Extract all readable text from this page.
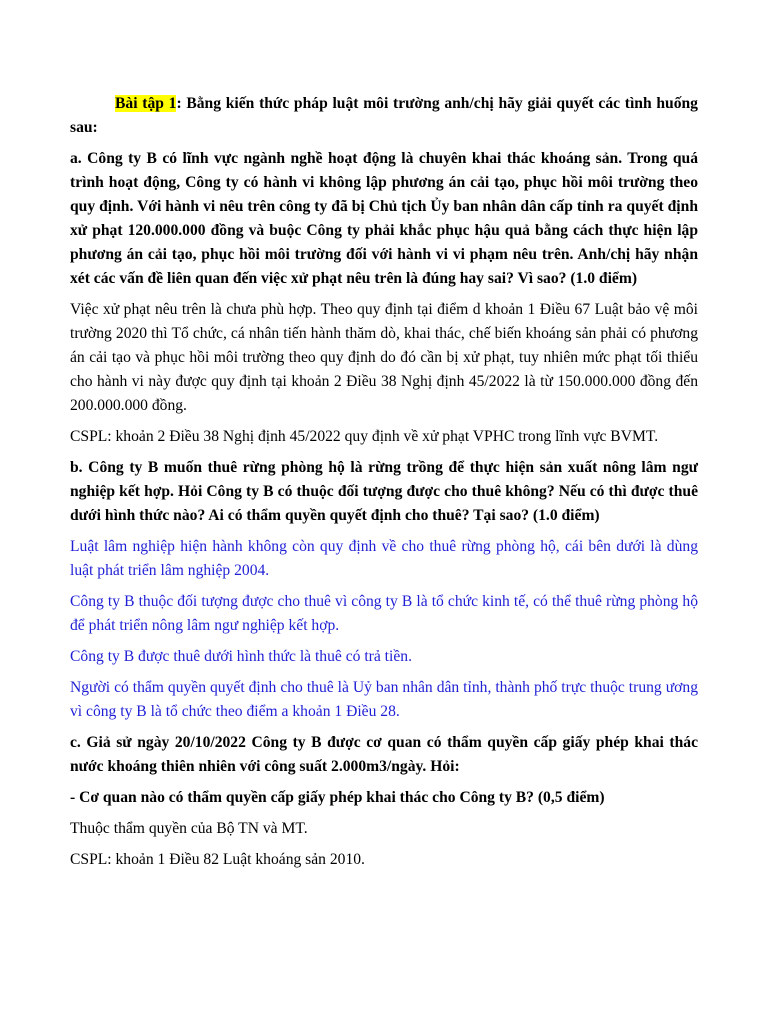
Bài tập 1: Bằng kiến thức pháp luật môi trường anh/chị hãy giải quyết các tình huống sau:

a. Công ty B có lĩnh vực ngành nghề hoạt động là chuyên khai thác khoáng sản. Trong quá trình hoạt động, Công ty có hành vi không lập phương án cải tạo, phục hồi môi trường theo quy định. Với hành vi nêu trên công ty đã bị Chủ tịch Ủy ban nhân dân cấp tỉnh ra quyết định xử phạt 120.000.000 đồng và buộc Công ty phải khắc phục hậu quả bằng cách thực hiện lập phương án cải tạo, phục hồi môi trường đối với hành vi vi phạm nêu trên. Anh/chị hãy nhận xét các vấn đề liên quan đến việc xử phạt nêu trên là đúng hay sai? Vì sao? (1.0 điểm)

Việc xử phạt nêu trên là chưa phù hợp. Theo quy định tại điểm d khoản 1 Điều 67 Luật bảo vệ môi trường 2020 thì Tổ chức, cá nhân tiến hành thăm dò, khai thác, chế biến khoáng sản phải có phương án cải tạo và phục hồi môi trường theo quy định do đó cần bị xử phạt, tuy nhiên mức phạt tối thiểu cho hành vi này được quy định tại khoản 2 Điều 38 Nghị định 45/2022 là từ 150.000.000 đồng đến 200.000.000 đồng.

CSPL: khoản 2 Điều 38 Nghị định 45/2022 quy định về xử phạt VPHC trong lĩnh vực BVMT.

b. Công ty B muốn thuê rừng phòng hộ là rừng trồng để thực hiện sản xuất nông lâm ngư nghiệp kết hợp. Hỏi Công ty B có thuộc đối tượng được cho thuê không? Nếu có thì được thuê dưới hình thức nào? Ai có thẩm quyền quyết định cho thuê? Tại sao? (1.0 điểm)

Luật lâm nghiệp hiện hành không còn quy định về cho thuê rừng phòng hộ, cái bên dưới là dùng luật phát triển lâm nghiệp 2004.

Công ty B thuộc đối tượng được cho thuê vì công ty B là tổ chức kinh tế, có thể thuê rừng phòng hộ để phát triển nông lâm ngư nghiệp kết hợp.

Công ty B được thuê dưới hình thức là thuê có trả tiền.

Người có thẩm quyền quyết định cho thuê là Uỷ ban nhân dân tỉnh, thành phố trực thuộc trung ương vì công ty B là tổ chức theo điểm a khoản 1 Điều 28.

c. Giả sử ngày 20/10/2022 Công ty B được cơ quan có thẩm quyền cấp giấy phép khai thác nước khoáng thiên nhiên với công suất 2.000m3/ngày. Hỏi:

- Cơ quan nào có thẩm quyền cấp giấy phép khai thác cho Công ty B? (0,5 điểm)

Thuộc thẩm quyền của Bộ TN và MT.

CSPL: khoản 1 Điều 82 Luật khoáng sản 2010.
